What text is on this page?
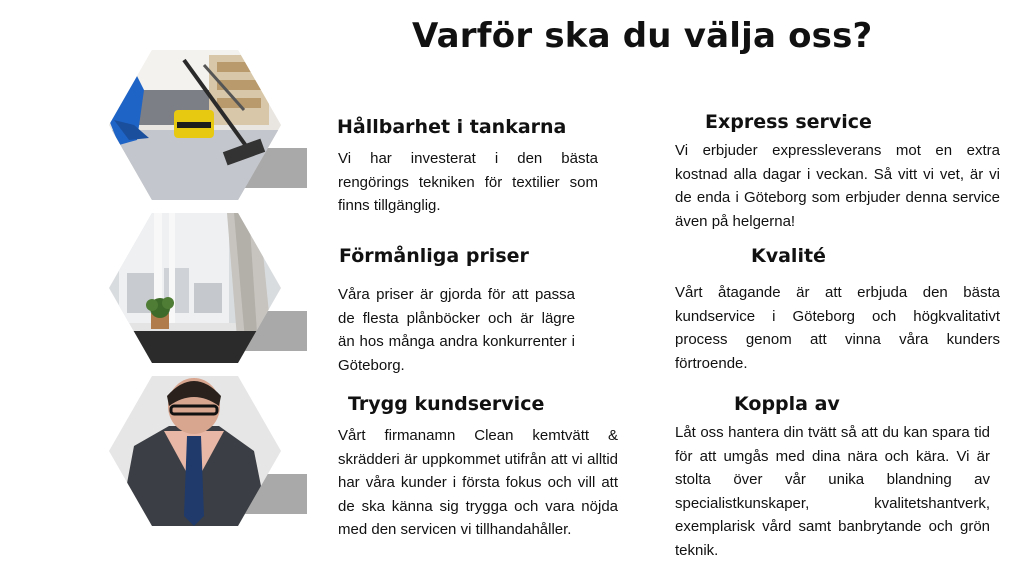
Varför ska du välja oss?
Hållbarhet i tankarna	Express service
Förmånliga priser	Kvalité
Trygg kundservice	Koppla av
Vi har investerat i den bästa rengörings tekniken för textilier som finns tillgänglig.
Vi erbjuder expressleverans mot en extra kostnad alla dagar i veckan. Så vitt vi vet, är vi de enda i Göteborg som erbjuder denna service även på helgerna!
Våra priser är gjorda för att passa de flesta plånböcker och är lägre än hos många andra konkurrenter i Göteborg.
Vårt åtagande är att erbjuda den bästa kundservice i Göteborg och högkvalitativt process genom att vinna våra kunders förtroende.
Vårt firmanamn Clean kemtvätt & skrädderi är uppkommet utifrån att vi alltid har våra kunder i första fokus och vill att de ska känna sig trygga och vara nöjda med den servicen vi tillhandahåller.
Låt oss hantera din tvätt så att du kan spara tid för att umgås med dina nära och kära. Vi är stolta över vår unika blandning av specialistkunskaper, kvalitetshantverk, exemplarisk vård samt banbrytande och grön teknik.
